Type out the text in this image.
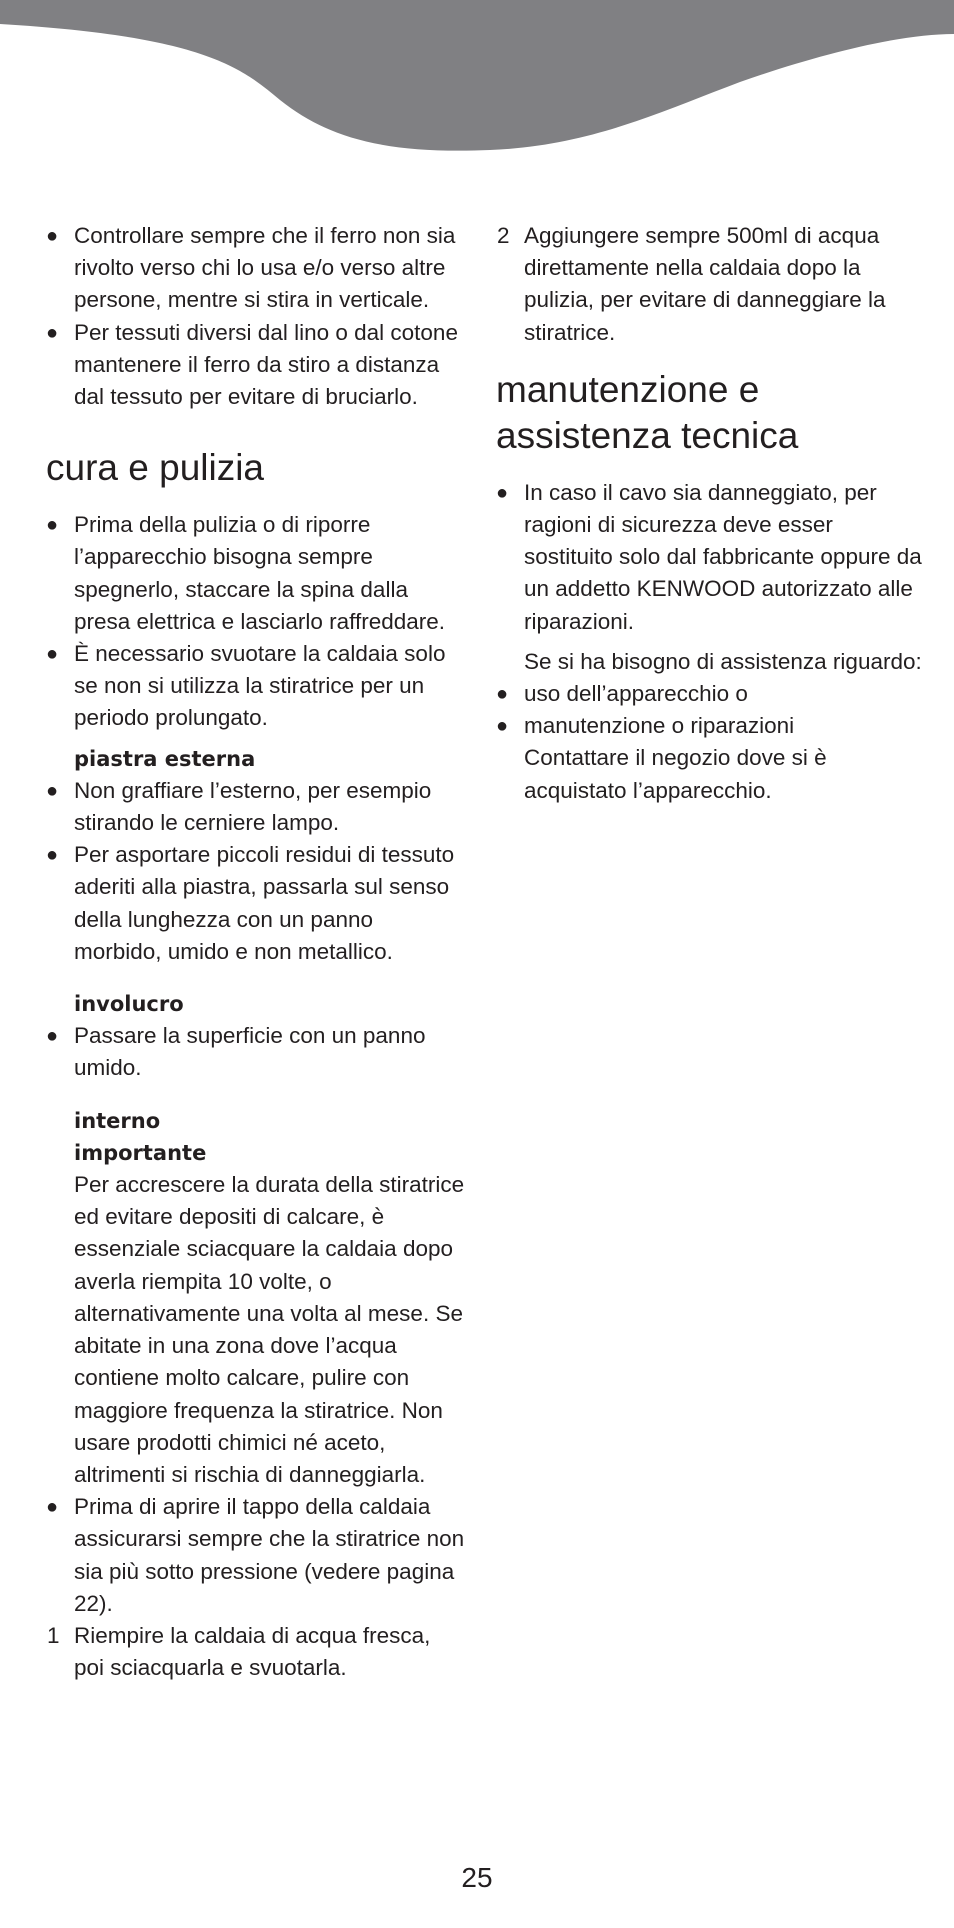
● Controllare sempre che il ferro non sia rivolto verso chi lo usa e/o verso altre persone, mentre si stira in verticale.

● Per tessuti diversi dal lino o dal cotone mantenere il ferro da stiro a distanza dal tessuto per evitare di bruciarlo.

cura e pulizia

● Prima della pulizia o di riporre l’apparecchio bisogna sempre spegnerlo, staccare la spina dalla presa elettrica e lasciarlo raffreddare.

● È necessario svuotare la caldaia solo se non si utilizza la stiratrice per un periodo prolungato.

piastra esterna

● Non graffiare l’esterno, per esempio stirando le cerniere lampo.

● Per asportare piccoli residui di tessuto aderiti alla piastra, passarla sul senso della lunghezza con un panno morbido, umido e non metallico.

involucro

● Passare la superficie con un panno umido.

interno

importante

Per accrescere la durata della stiratrice ed evitare depositi di calcare, è essenziale sciacquare la caldaia dopo averla riempita 10 volte, o alternativamente una volta al mese. Se abitate in una zona dove l’acqua contiene molto calcare, pulire con maggiore frequenza la stiratrice. Non usare prodotti chimici né aceto, altrimenti si rischia di danneggiarla.

● Prima di aprire il tappo della caldaia assicurarsi sempre che la stiratrice non sia più sotto pressione (vedere pagina 22).

1 Riempire la caldaia di acqua fresca, poi sciacquarla e svuotarla.

2 Aggiungere sempre 500ml di acqua direttamente nella caldaia dopo la pulizia, per evitare di danneggiare la stiratrice.

manutenzione e
assistenza tecnica

● In caso il cavo sia danneggiato, per ragioni di sicurezza deve esser sostituito solo dal fabbricante oppure da un addetto KENWOOD autorizzato alle riparazioni.

Se si ha bisogno di assistenza riguardo:

● uso dell’apparecchio o

● manutenzione o riparazioni

Contattare il negozio dove si è acquistato l’apparecchio.

25
